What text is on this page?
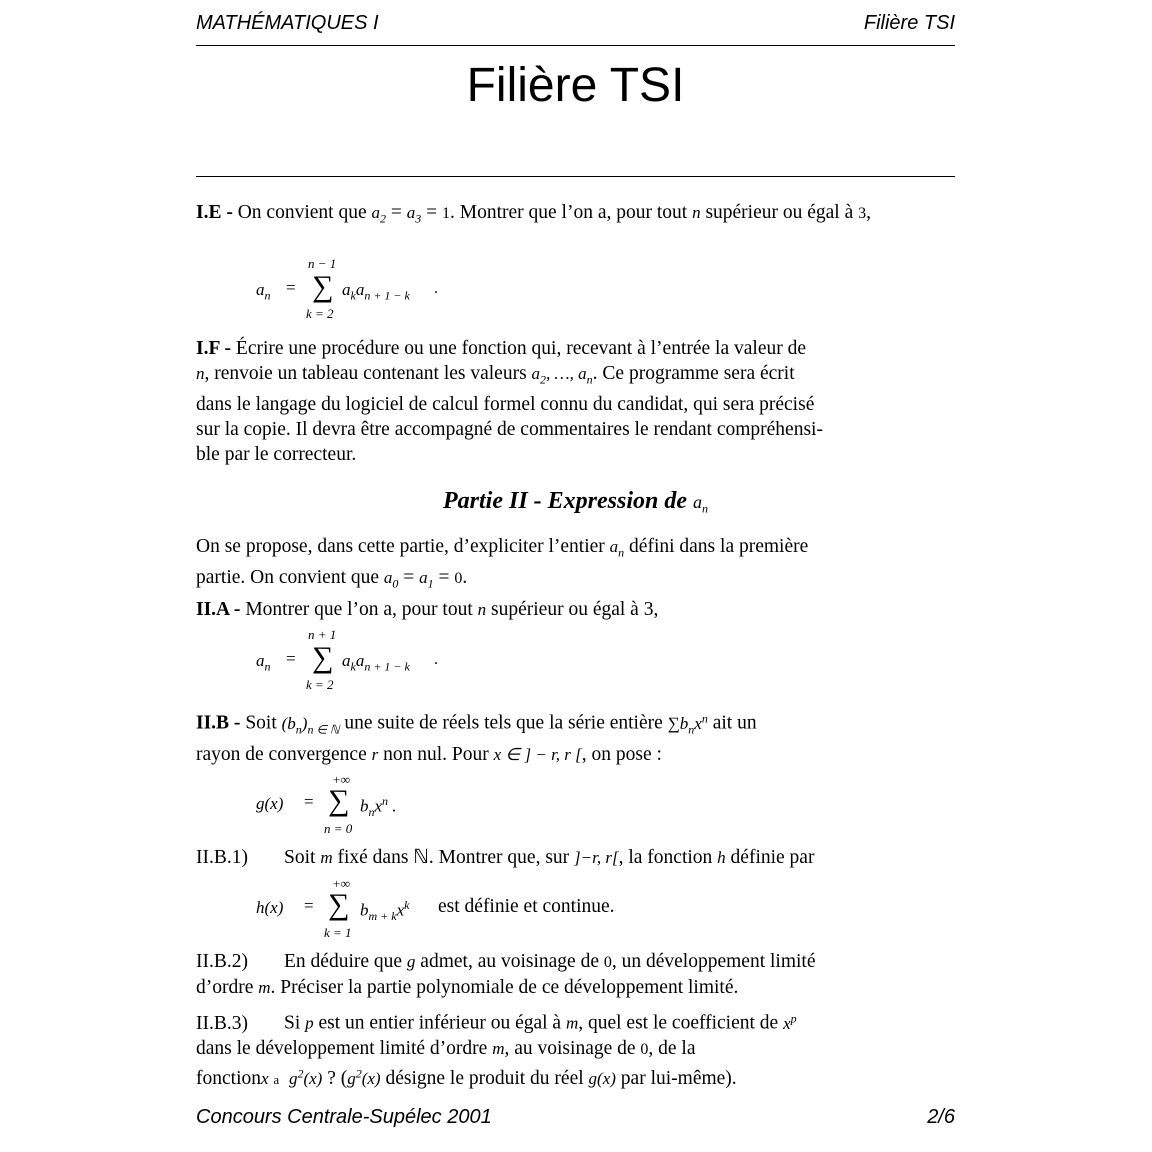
MATHÉMATIQUES I	Filière TSI
Filière TSI
I.E - On convient que $a_2 = a_3 = 1$. Montrer que l’on a, pour tout n supérieur ou égal à 3,
$a_n$ =
n − 1
∑
k = 2
$a_ka_{n + 1 - k}$ .
I.F - Écrire une procédure ou une fonction qui, recevant à l’entrée la valeur de
n, renvoie un tableau contenant les valeurs $a_2$, …, $a_n$. Ce programme sera écrit
dans le langage du logiciel de calcul formel connu du candidat, qui sera précisé
sur la copie. Il devra être accompagné de commentaires le rendant compréhensi-
ble par le correcteur.
Partie II - Expression de $a_n$
On se propose, dans cette partie, d’expliciter l’entier $a_n$ défini dans la première
partie. On convient que $a_0 = a_1 = 0$.
II.A - Montrer que l’on a, pour tout n supérieur ou égal à 3,
$a_n$ =
n + 1
∑
k = 2
$a_ka_{n + 1 - k}$ .
II.B - Soit $(b_n)_{n \in ℕ}$ une suite de réels tels que la série entière $\sum b_nx^n$ ait un
rayon de convergence r non nul. Pour x ∈ ] − r, r [, on pose :
g(x) =
+∞
∑
n = 0
$b_nx^n$ .
II.B.1) Soit m fixé dans ℕ. Montrer que, sur ]−r, r[, la fonction h définie par
h(x) =
+∞
∑
k = 1
$b_{m + k}x^k$ est définie et continue.
II.B.2) En déduire que g admet, au voisinage de 0, un développement limité
d’ordre m. Préciser la partie polynomiale de ce développement limité.
II.B.3) Si p est un entier inférieur ou égal à m, quel est le coefficient de $x^p$
dans le développement limité d’ordre m, au voisinage de 0, de la
fonctionx a $g^2(x)$ ? ($g^2(x)$ désigne le produit du réel g(x) par lui-même).
Concours Centrale-Supélec 2001	2/6
